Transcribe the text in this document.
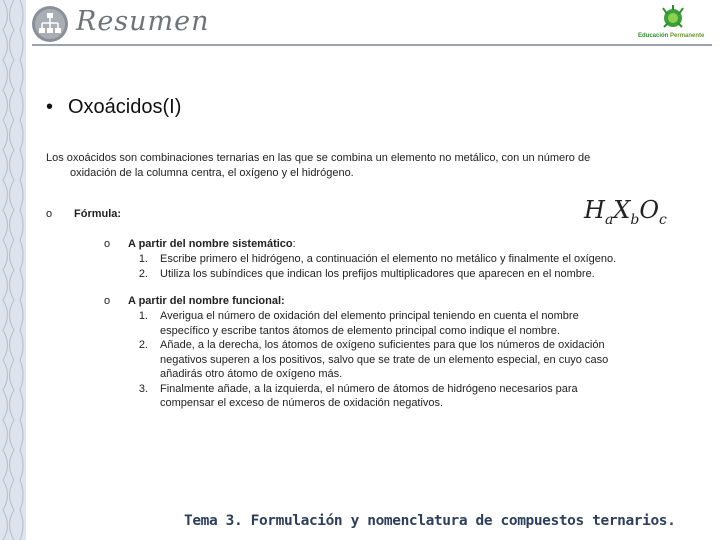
Resumen	Educación Permanente
• Oxoácidos(I)
Los oxoácidos son combinaciones ternarias en las que se combina un elemento no metálico, con un número de
oxidación de la columna centra, el oxígeno y el hidrógeno.
o Fórmula:	$H_aX_bO_c$
o A partir del nombre sistemático:
1. Escribe primero el hidrógeno, a continuación el elemento no metálico y finalmente el oxígeno.
2. Utiliza los subíndices que indican los prefijos multiplicadores que aparecen en el nombre.
o A partir del nombre funcional:
1. Averigua el número de oxidación del elemento principal teniendo en cuenta el nombre
específico y escribe tantos átomos de elemento principal como indique el nombre.
2. Añade, a la derecha, los átomos de oxígeno suficientes para que los números de oxidación
negativos superen a los positivos, salvo que se trate de un elemento especial, en cuyo caso
añadirás otro átomo de oxígeno más.
3. Finalmente añade, a la izquierda, el número de átomos de hidrógeno necesarios para
compensar el exceso de números de oxidación negativos.
Tema 3. Formulación y nomenclatura de compuestos ternarios.
